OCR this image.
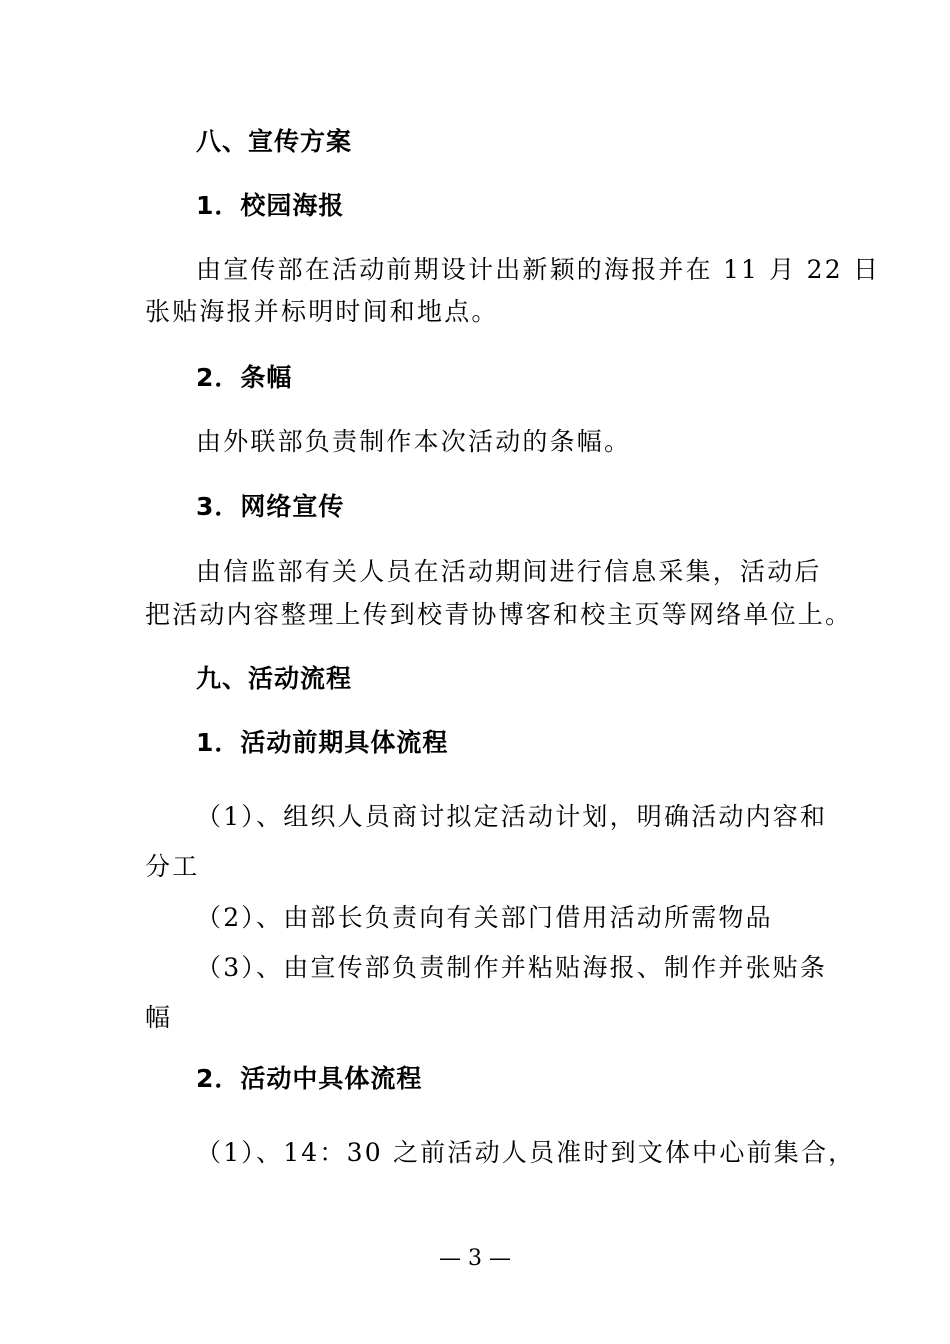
八、宣传方案
1．校园海报
由宣传部在活动前期设计出新颖的海报并在 11 月 22 日
张贴海报并标明时间和地点。
2．条幅
由外联部负责制作本次活动的条幅。
3．网络宣传
由信监部有关人员在活动期间进行信息采集，活动后
把活动内容整理上传到校青协博客和校主页等网络单位上。
九、活动流程
1．活动前期具体流程
（1）、组织人员商讨拟定活动计划，明确活动内容和
分工
（2）、由部长负责向有关部门借用活动所需物品
（3）、由宣传部负责制作并粘贴海报、制作并张贴条
幅
2．活动中具体流程
（1）、14：30 之前活动人员准时到文体中心前集合，
— 3 —
